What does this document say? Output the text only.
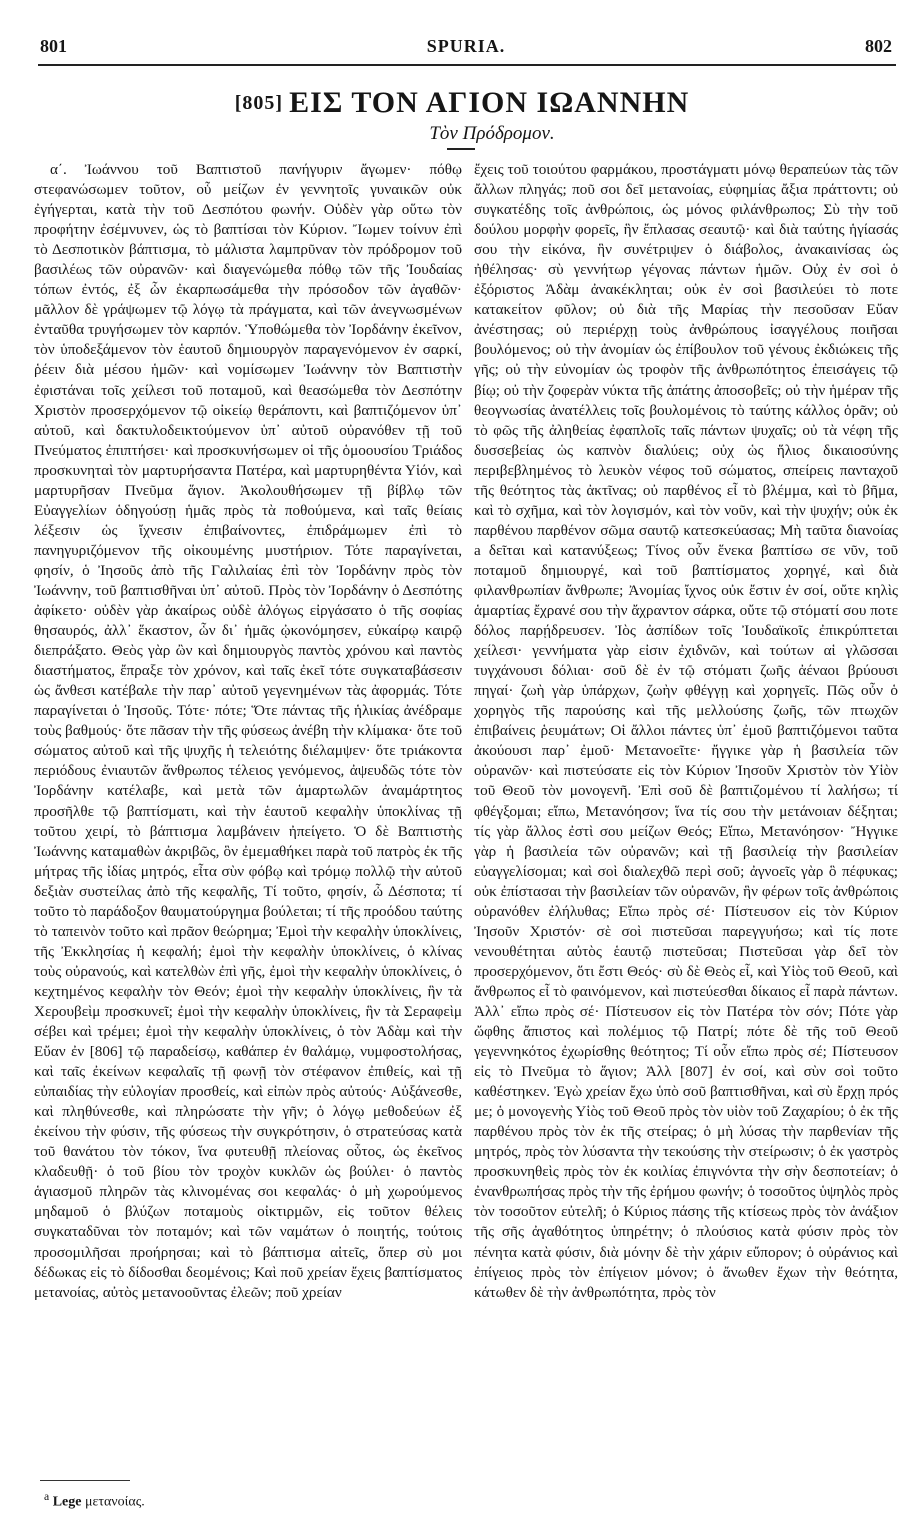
801	SPURIA.	802
[805] ΕΙΣ ΤΟΝ ΑΓΙΟΝ ΙΩΑΝΝΗΝ
Τὸν Πρόδρομον.

α΄. Ἰωάννου τοῦ Βαπτιστοῦ πανήγυριν ἄγωμεν· πόθῳ στεφανώσωμεν τοῦτον, οὗ μείζων ἐν γεννητοῖς γυναικῶν οὐκ ἐγήγερται, κατὰ τὴν τοῦ Δεσπότου φωνήν. Οὐδὲν γὰρ οὕτω τὸν προφήτην ἐσέμνυνεν, ὡς τὸ βαπτίσαι τὸν Κύριον. Ἴωμεν τοίνυν ἐπὶ τὸ Δεσποτικὸν βάπτισμα, τὸ μάλιστα λαμπρῦναν τὸν πρόδρομον τοῦ βασιλέως τῶν οὐρανῶν· καὶ διαγενώμεθα πόθῳ τῶν τῆς Ἰουδαίας τόπων ἐντός, ἐξ ὧν ἐκαρπωσάμεθα τὴν πρόσοδον τῶν ἀγαθῶν· μᾶλλον δὲ γράψωμεν τῷ λόγῳ τὰ πράγματα, καὶ τῶν ἀνεγνωσμένων ἐνταῦθα τρυγήσωμεν τὸν καρπόν. Ὑποθώμεθα τὸν Ἰορδάνην ἐκεῖνον, τὸν ὑποδεξάμενον τὸν ἑαυτοῦ δημιουργὸν παραγενόμενον ἐν σαρκί, ῥέειν διὰ μέσου ἡμῶν· καὶ νομίσωμεν Ἰωάννην τὸν Βαπτιστὴν ἐφιστάναι τοῖς χείλεσι τοῦ ποταμοῦ, καὶ θεασώμεθα τὸν Δεσπότην Χριστὸν προσερχόμενον τῷ οἰκείῳ θεράποντι, καὶ βαπτιζόμενον ὑπ᾽ αὐτοῦ, καὶ δακτυλοδεικτούμενον ὑπ᾽ αὐτοῦ οὐρανόθεν τῇ τοῦ Πνεύματος ἐπιπτήσει· καὶ προσκυνήσωμεν οἱ τῆς ὁμοουσίου Τριάδος προσκυνηταὶ τὸν μαρτυρήσαντα Πατέρα, καὶ μαρτυρηθέντα Υἱόν, καὶ μαρτυρῆσαν Πνεῦμα ἅγιον. Ἀκολουθήσωμεν τῇ βίβλῳ τῶν Εὐαγγελίων ὁδηγούσῃ ἡμᾶς πρὸς τὰ ποθούμενα, καὶ ταῖς θείαις λέξεσιν ὡς ἴχνεσιν ἐπιβαίνοντες, ἐπιδράμωμεν ἐπὶ τὸ πανηγυριζόμενον τῆς οἰκουμένης μυστήριον. Τότε παραγίνεται, φησίν, ὁ Ἰησοῦς ἀπὸ τῆς Γαλιλαίας ἐπὶ τὸν Ἰορδάνην πρὸς τὸν Ἰωάννην, τοῦ βαπτισθῆναι ὑπ᾽ αὐτοῦ. Πρὸς τὸν Ἰορδάνην ὁ Δεσπότης ἀφίκετο· οὐδὲν γὰρ ἀκαίρως οὐδὲ ἀλόγως εἰργάσατο ὁ τῆς σοφίας θησαυρός, ἀλλ᾽ ἕκαστον, ὧν δι᾽ ἡμᾶς ᾠκονόμησεν, εὐκαίρῳ καιρῷ διεπράξατο. Θεὸς γὰρ ὢν καὶ δημιουργὸς παντὸς χρόνου καὶ παντὸς διαστήματος, ἔπραξε τὸν χρόνον, καὶ ταῖς ἐκεῖ τότε συγκαταβάσεσιν ὡς ἄνθεσι κατέβαλε τὴν παρ᾽ αὐτοῦ γεγενημένων τὰς ἀφορμάς. Τότε παραγίνεται ὁ Ἰησοῦς. Τότε· πότε; Ὅτε πάντας τῆς ἡλικίας ἀνέδραμε τοὺς βαθμούς· ὅτε πᾶσαν τὴν τῆς φύσεως ἀνέβη τὴν κλίμακα· ὅτε τοῦ σώματος αὐτοῦ καὶ τῆς ψυχῆς ἡ τελειότης διέλαμψεν· ὅτε τριάκοντα περιόδους ἐνιαυτῶν ἄνθρωπος τέλειος γενόμενος, ἀψευδῶς τότε τὸν Ἰορδάνην κατέλαβε, καὶ μετὰ τῶν ἁμαρτωλῶν ἀναμάρτητος προσῆλθε τῷ βαπτίσματι, καὶ τὴν ἑαυτοῦ κεφαλὴν ὑποκλίνας τῇ τοῦτου χειρί, τὸ βάπτισμα λαμβάνειν ἠπείγετο. Ὁ δὲ Βαπτιστὴς Ἰωάννης καταμαθὼν ἀκριβῶς, ὃν ἐμεμαθήκει παρὰ τοῦ πατρὸς ἐκ τῆς μήτρας τῆς ἰδίας μητρός, εἶτα σὺν φόβῳ καὶ τρόμῳ πολλῷ τὴν αὐτοῦ δεξιὰν συστείλας ἀπὸ τῆς κεφαλῆς, Τί τοῦτο, φησίν, ὦ Δέσποτα; τί τοῦτο τὸ παράδοξον θαυματούργημα βούλεται; τί τῆς προόδου ταύτης τὸ ταπεινὸν τοῦτο καὶ πρᾶον θεώρημα; Ἐμοὶ τὴν κεφαλὴν ὑποκλίνεις, τῆς Ἐκκλησίας ἡ κεφαλή; ἐμοὶ τὴν κεφαλὴν ὑποκλίνεις, ὁ κλίνας τοὺς οὐρανούς, καὶ κατελθὼν ἐπὶ γῆς, ἐμοὶ τὴν κεφαλὴν ὑποκλίνεις, ὁ κεχτημένος κεφαλὴν τὸν Θεόν; ἐμοὶ τὴν κεφαλὴν ὑποκλίνεις, ἣν τὰ Χερουβεὶμ προσκυνεῖ; ἐμοὶ τὴν κεφαλὴν ὑποκλίνεις, ἣν τὰ Σεραφεὶμ σέβει καὶ τρέμει; ἐμοὶ τὴν κεφαλὴν ὑποκλίνεις, ὁ τὸν Ἀδὰμ καὶ τὴν Εὔαν ἐν [806] τῷ παραδείσῳ, καθάπερ ἐν θαλάμῳ, νυμφοστολήσας, καὶ ταῖς ἐκείνων κεφαλαῖς τῇ φωνῇ τὸν στέφανον ἐπιθείς, καὶ τῇ εὐπαιδίας τὴν εὐλογίαν προσθείς, καὶ εἰπὼν πρὸς αὐτούς· Αὐξάνεσθε, καὶ πληθύνεσθε, καὶ πληρώσατε τὴν γῆν; ὁ λόγῳ μεθοδεύων ἐξ ἐκείνου τὴν φύσιν, τῆς φύσεως τὴν συγκρότησιν, ὁ στρατεύσας κατὰ τοῦ θανάτου τὸν τόκον, ἵνα φυτευθῇ πλείονας οὗτος, ὡς ἐκεῖνος κλαδευθῇ· ὁ τοῦ βίου τὸν τροχὸν κυκλῶν ὡς βούλει· ὁ παντὸς ἁγιασμοῦ πληρῶν τὰς κλινομένας σοι κεφαλάς· ὁ μὴ χωρούμενος μηδαμοῦ ὁ βλύζων ποταμοὺς οἰκτιρμῶν, εἰς τοῦτον θέλεις συγκαταδῦναι τὸν ποταμόν; καὶ τῶν ναμάτων ὁ ποιητής, τούτοις προσομιλῆσαι προήρησαι; καὶ τὸ βάπτισμα αἰτεῖς, ὅπερ σὺ μοι δέδωκας εἰς τὸ δίδοσθαι δεομένοις; Καὶ ποῦ χρείαν ἔχεις βαπτίσματος μετανοίας, αὐτὸς μετανοοῦντας ἐλεῶν; ποῦ χρείαν

ἔχεις τοῦ τοιούτου φαρμάκου, προστάγματι μόνῳ θεραπεύων τὰς τῶν ἄλλων πληγάς; ποῦ σοι δεῖ μετανοίας, εὐφημίας ἄξια πράττοντι; οὐ συγκατέδης τοῖς ἀνθρώποις, ὡς μόνος φιλάνθρωπος; Σὺ τὴν τοῦ δούλου μορφὴν φορεῖς, ἣν ἔπλασας σεαυτῷ· καὶ διὰ ταύτης ἡγίασάς σου τὴν εἰκόνα, ἣν συνέτριψεν ὁ διάβολος, ἀνακαινίσας ὡς ἠθέλησας· σὺ γεννήτωρ γέγονας πάντων ἡμῶν. Οὐχ ἐν σοὶ ὁ ἐξόριστος Ἀδὰμ ἀνακέκληται; οὐκ ἐν σοὶ βασιλεύει τὸ ποτε κατακείτον φῦλον; οὐ διὰ τῆς Μαρίας τὴν πεσοῦσαν Εὔαν ἀνέστησας; οὐ περιέρχῃ τοὺς ἀνθρώπους ἰσαγγέλους ποιῆσαι βουλόμενος; οὐ τὴν ἀνομίαν ὡς ἐπίβουλον τοῦ γένους ἐκδιώκεις τῆς γῆς; οὐ τὴν εὐνομίαν ὡς τροφὸν τῆς ἀνθρωπότητος ἐπεισάγεις τῷ βίῳ; οὐ τὴν ζοφερὰν νύκτα τῆς ἀπάτης ἀποσοβεῖς; οὐ τὴν ἡμέραν τῆς θεογνωσίας ἀνατέλλεις τοῖς βουλομένοις τὸ ταύτης κάλλος ὁρᾶν; οὐ τὸ φῶς τῆς ἀληθείας ἐφαπλοῖς ταῖς πάντων ψυχαῖς; οὐ τὰ νέφη τῆς δυσσεβείας ὡς καπνὸν διαλύεις; οὐχ ὡς ἥλιος δικαιοσύνης περιβεβλημένος τὸ λευκὸν νέφος τοῦ σώματος, σπείρεις πανταχοῦ τῆς θεότητος τὰς ἀκτῖνας; οὐ παρθένος εἶ τὸ βλέμμα, καὶ τὸ βῆμα, καὶ τὸ σχῆμα, καὶ τὸν λογισμόν, καὶ τὸν νοῦν, καὶ τὴν ψυχήν; οὐκ ἐκ παρθένου παρθένον σῶμα σαυτῷ κατεσκεύασας; Μὴ ταῦτα διανοίας a δεῖται καὶ κατανύξεως; Τίνος οὖν ἕνεκα βαπτίσω σε νῦν, τοῦ ποταμοῦ δημιουργέ, καὶ τοῦ βαπτίσματος χορηγέ, καὶ διὰ φιλανθρωπίαν ἄνθρωπε; Ἀνομίας ἴχνος οὐκ ἔστιν ἐν σοί, οὔτε κηλὶς ἁμαρτίας ἔχρανέ σου τὴν ἄχραντον σάρκα, οὔτε τῷ στόματί σου ποτε δόλος παρῄδρευσεν. Ἰὸς ἀσπίδων τοῖς Ἰουδαϊκοῖς ἐπικρύπτεται χείλεσι· γεννήματα γὰρ εἰσιν ἐχιδνῶν, καὶ τούτων αἱ γλῶσσαι τυγχάνουσι δόλιαι· σοῦ δὲ ἐν τῷ στόματι ζωῆς ἀέναοι βρύουσι πηγαί· ζωὴ γὰρ ὑπάρχων, ζωὴν φθέγγῃ καὶ χορηγεῖς. Πῶς οὖν ὁ χορηγὸς τῆς παρούσης καὶ τῆς μελλούσης ζωῆς, τῶν πτωχῶν ἐπιβαίνεις ῥευμάτων; Οἱ ἄλλοι πάντες ὑπ᾽ ἐμοῦ βαπτιζόμενοι ταῦτα ἀκούουσι παρ᾽ ἐμοῦ· Μετανοεῖτε· ἤγγικε γὰρ ἡ βασιλεία τῶν οὐρανῶν· καὶ πιστεύσατε εἰς τὸν Κύριον Ἰησοῦν Χριστὸν τὸν Υἱὸν τοῦ Θεοῦ τὸν μονογενῆ. Ἐπὶ σοῦ δὲ βαπτιζομένου τί λαλήσω; τί φθέγξομαι; εἴπω, Μετανόησον; ἵνα τίς σου τὴν μετάνοιαν δέξηται; τίς γὰρ ἄλλος ἐστὶ σου μείζων Θεός; Εἴπω, Μετανόησον· Ἤγγικε γὰρ ἡ βασιλεία τῶν οὐρανῶν; καὶ τῇ βασιλείᾳ τὴν βασιλείαν εὐαγγελίσομαι; καὶ σοὶ διαλεχθῶ περὶ σοῦ; ἀγνοεῖς γὰρ ὃ πέφυκας; οὐκ ἐπίστασαι τὴν βασιλείαν τῶν οὐρανῶν, ἣν φέρων τοῖς ἀνθρώποις οὐρανόθεν ἐλήλυθας; Εἴπω πρὸς σέ· Πίστευσον εἰς τὸν Κύριον Ἰησοῦν Χριστόν· σὲ σοὶ πιστεῦσαι παρεγγυήσω; καὶ τίς ποτε νενουθέτηται αὐτὸς ἑαυτῷ πιστεῦσαι; Πιστεῦσαι γὰρ δεῖ τὸν προσερχόμενον, ὅτι ἔστι Θεός· σὺ δὲ Θεὸς εἶ, καὶ Υἱὸς τοῦ Θεοῦ, καὶ ἄνθρωπος εἶ τὸ φαινόμενον, καὶ πιστεύεσθαι δίκαιος εἶ παρὰ πάντων. Ἀλλ᾽ εἴπω πρὸς σέ· Πίστευσον εἰς τὸν Πατέρα τὸν σόν; Πότε γὰρ ὤφθης ἄπιστος καὶ πολέμιος τῷ Πατρί; πότε δὲ τῆς τοῦ Θεοῦ γεγεννηκότος ἐχωρίσθης θεότητος; Τί οὖν εἴπω πρὸς σέ; Πίστευσον εἰς τὸ Πνεῦμα τὸ ἅγιον; Ἀλλ [807] ἐν σοί, καὶ σὺν σοὶ τοῦτο καθέστηκεν. Ἐγὼ χρείαν ἔχω ὑπὸ σοῦ βαπτισθῆναι, καὶ σὺ ἔρχῃ πρός με; ὁ μονογενὴς Υἱὸς τοῦ Θεοῦ πρὸς τὸν υἱὸν τοῦ Ζαχαρίου; ὁ ἐκ τῆς παρθένου πρὸς τὸν ἐκ τῆς στείρας; ὁ μὴ λύσας τὴν παρθενίαν τῆς μητρός, πρὸς τὸν λύσαντα τὴν τεκούσης τὴν στείρωσιν; ὁ ἐκ γαστρὸς προσκυνηθεὶς πρὸς τὸν ἐκ κοιλίας ἐπιγνόντα τὴν σὴν δεσποτείαν; ὁ ἐνανθρωπήσας πρὸς τὴν τῆς ἐρήμου φωνήν; ὁ τοσοῦτος ὑψηλὸς πρὸς τὸν τοσοῦτον εὐτελῆ; ὁ Κύριος πάσης τῆς κτίσεως πρὸς τὸν ἀνάξιον τῆς σῆς ἀγαθότητος ὑπηρέτην; ὁ πλούσιος κατὰ φύσιν πρὸς τὸν πένητα κατὰ φύσιν, διὰ μόνην δὲ τὴν χάριν εὔπορον; ὁ οὐράνιος καὶ ἐπίγειος πρὸς τὸν ἐπίγειον μόνον; ὁ ἄνωθεν ἔχων τὴν θεότητα, κάτωθεν δὲ τὴν ἀνθρωπότητα, πρὸς τὸν

$^a$ Lege μετανοίας.
